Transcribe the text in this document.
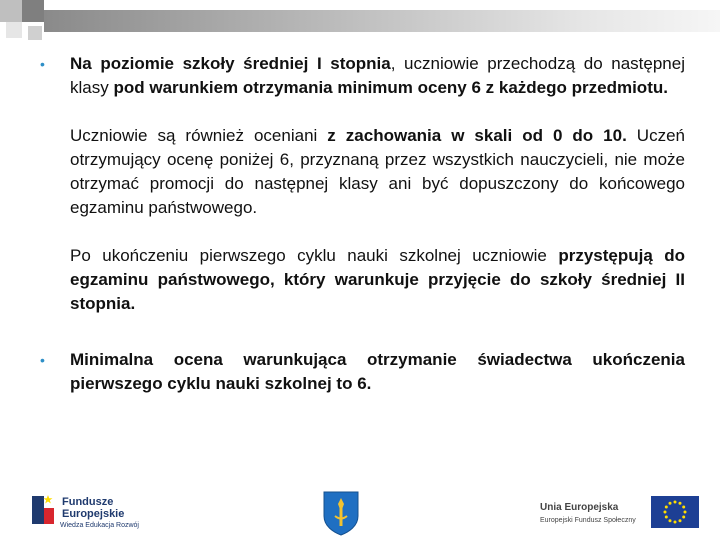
• Na poziomie szkoły średniej I stopnia, uczniowie przechodzą do następnej klasy pod warunkiem otrzymania minimum oceny 6 z każdego przedmiotu.

Uczniowie są również oceniani z zachowania w skali od 0 do 10. Uczeń otrzymujący ocenę poniżej 6, przyznaną przez wszystkich nauczycieli, nie może otrzymać promocji do następnej klasy ani być dopuszczony do końcowego egzaminu państwowego.

Po ukończeniu pierwszego cyklu nauki szkolnej uczniowie przystępują do egzaminu państwowego, który warunkuje przyjęcie do szkoły średniej II stopnia.

• Minimalna ocena warunkująca otrzymanie świadectwa ukończenia pierwszego cyklu nauki szkolnej to 6.

Fundusze
Europejskie
Wiedza Edukacja Rozwój
Unia Europejska
Europejski Fundusz Społeczny
